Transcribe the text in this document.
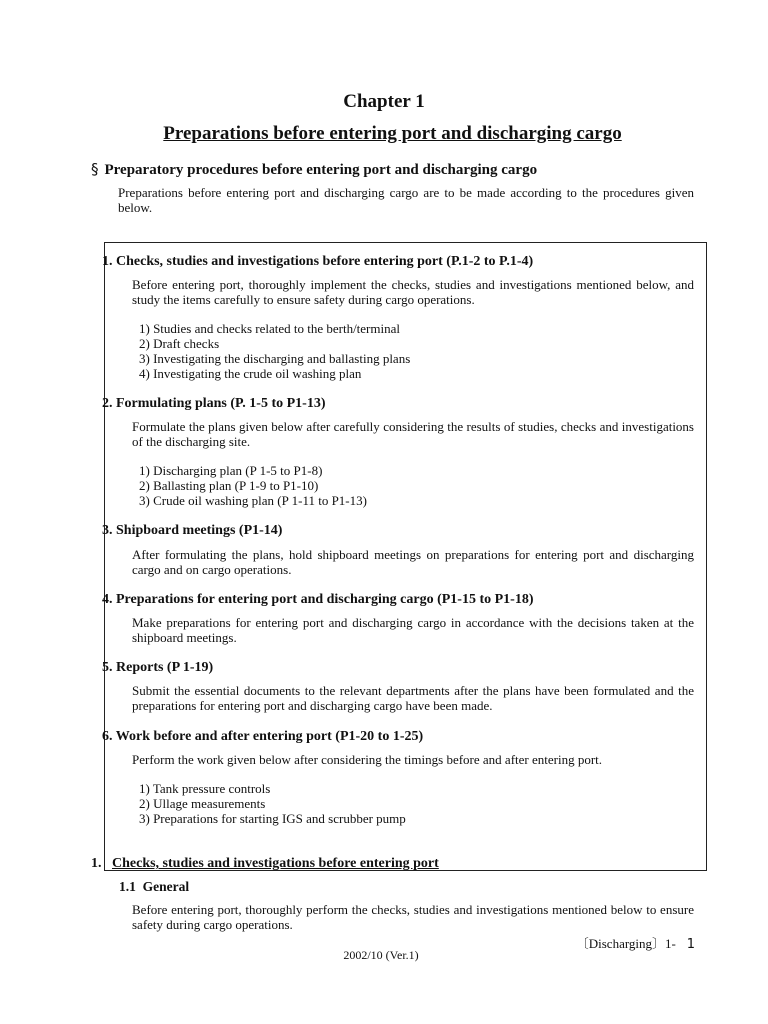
Chapter 1
Preparations before entering port and discharging cargo
§ Preparatory procedures before entering port and discharging cargo
Preparations before entering port and discharging cargo are to be made according to the procedures given below.
1. Checks, studies and investigations before entering port (P.1-2 to P.1-4)
Before entering port, thoroughly implement the checks, studies and investigations mentioned below, and study the items carefully to ensure safety during cargo operations.
1) Studies and checks related to the berth/terminal
2) Draft checks
3) Investigating the discharging and ballasting plans
4) Investigating the crude oil washing plan
2. Formulating plans (P. 1-5 to P1-13)
Formulate the plans given below after carefully considering the results of studies, checks and investigations of the discharging site.
1) Discharging plan (P 1-5 to P1-8)
2) Ballasting plan (P 1-9 to P1-10)
3) Crude oil washing plan (P 1-11 to P1-13)
3. Shipboard meetings (P1-14)
After formulating the plans, hold shipboard meetings on preparations for entering port and discharging cargo and on cargo operations.
4. Preparations for entering port and discharging cargo (P1-15 to P1-18)
Make preparations for entering port and discharging cargo in accordance with the decisions taken at the shipboard meetings.
5. Reports (P 1-19)
Submit the essential documents to the relevant departments after the plans have been formulated and the preparations for entering port and discharging cargo have been made.
6. Work before and after entering port (P1-20 to 1-25)
Perform the work given below after considering the timings before and after entering port.
1) Tank pressure controls
2) Ullage measurements
3) Preparations for starting IGS and scrubber pump
1. Checks, studies and investigations before entering port
1.1 General
Before entering port, thoroughly perform the checks, studies and investigations mentioned below to ensure safety during cargo operations.
〔Discharging〕1- 1
2002/10 (Ver.1)
